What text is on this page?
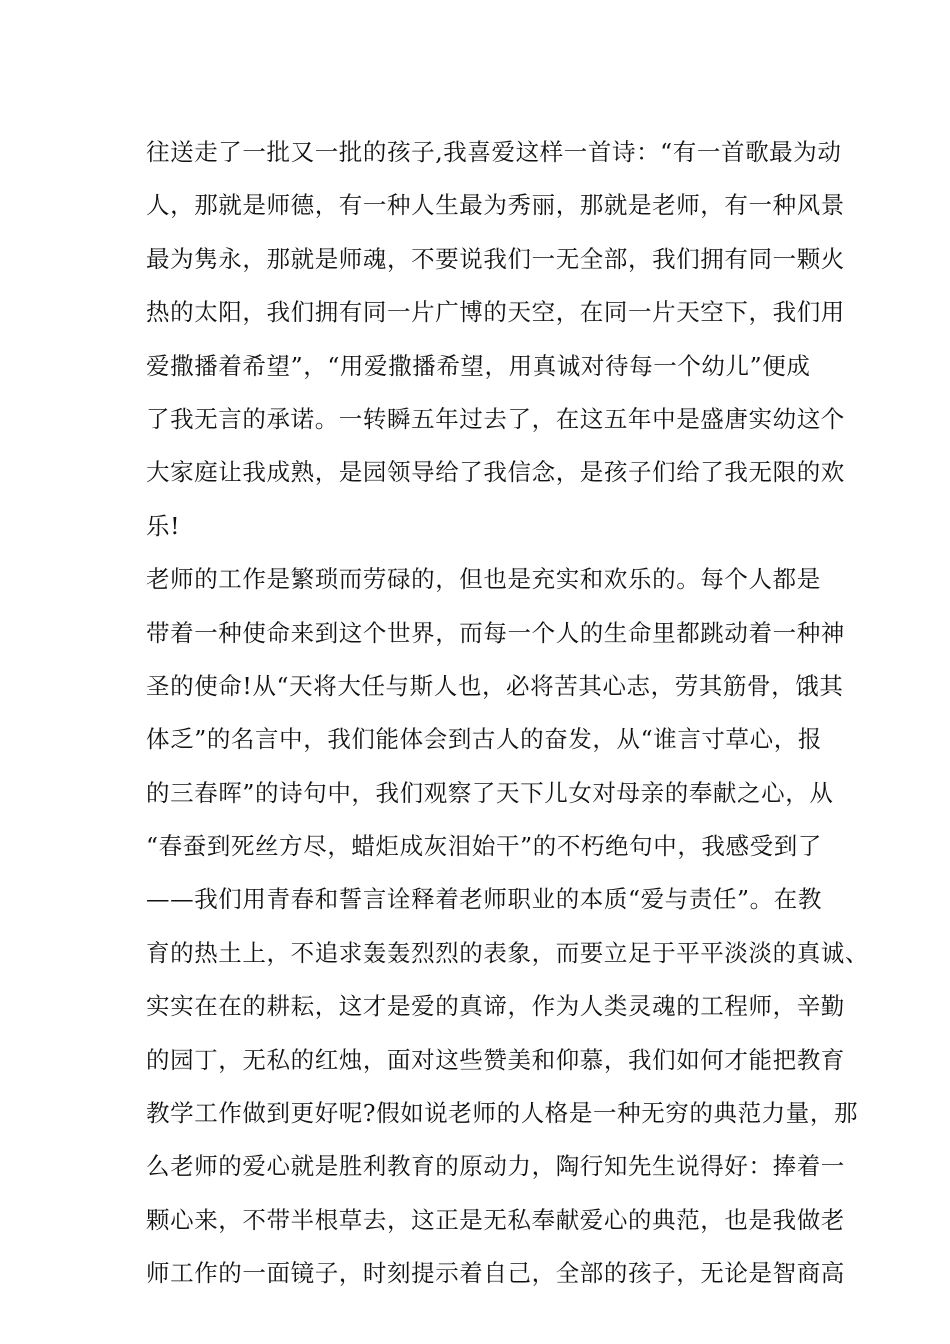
往送走了一批又一批的孩子,我喜爱这样一首诗：“有一首歌最为动
人，那就是师德，有一种人生最为秀丽，那就是老师，有一种风景
最为隽永，那就是师魂，不要说我们一无全部，我们拥有同一颗火
热的太阳，我们拥有同一片广博的天空，在同一片天空下，我们用
爱撒播着希望”，“用爱撒播希望，用真诚对待每一个幼儿”便成
了我无言的承诺。一转瞬五年过去了，在这五年中是盛唐实幼这个
大家庭让我成熟，是园领导给了我信念，是孩子们给了我无限的欢
乐!
老师的工作是繁琐而劳碌的，但也是充实和欢乐的。每个人都是
带着一种使命来到这个世界，而每一个人的生命里都跳动着一种神
圣的使命!从“天将大任与斯人也，必将苦其心志，劳其筋骨，饿其
体乏”的名言中，我们能体会到古人的奋发，从“谁言寸草心，报
的三春晖”的诗句中，我们观察了天下儿女对母亲的奉献之心，从
“春蚕到死丝方尽，蜡炬成灰泪始干”的不朽绝句中，我感受到了
——我们用青春和誓言诠释着老师职业的本质“爱与责任”。在教
育的热土上，不追求轰轰烈烈的表象，而要立足于平平淡淡的真诚、
实实在在的耕耘，这才是爱的真谛，作为人类灵魂的工程师，辛勤
的园丁，无私的红烛，面对这些赞美和仰慕，我们如何才能把教育
教学工作做到更好呢?假如说老师的人格是一种无穷的典范力量，那
么老师的爱心就是胜利教育的原动力，陶行知先生说得好：捧着一
颗心来，不带半根草去，这正是无私奉献爱心的典范，也是我做老
师工作的一面镜子，时刻提示着自己，全部的孩子，无论是智商高
